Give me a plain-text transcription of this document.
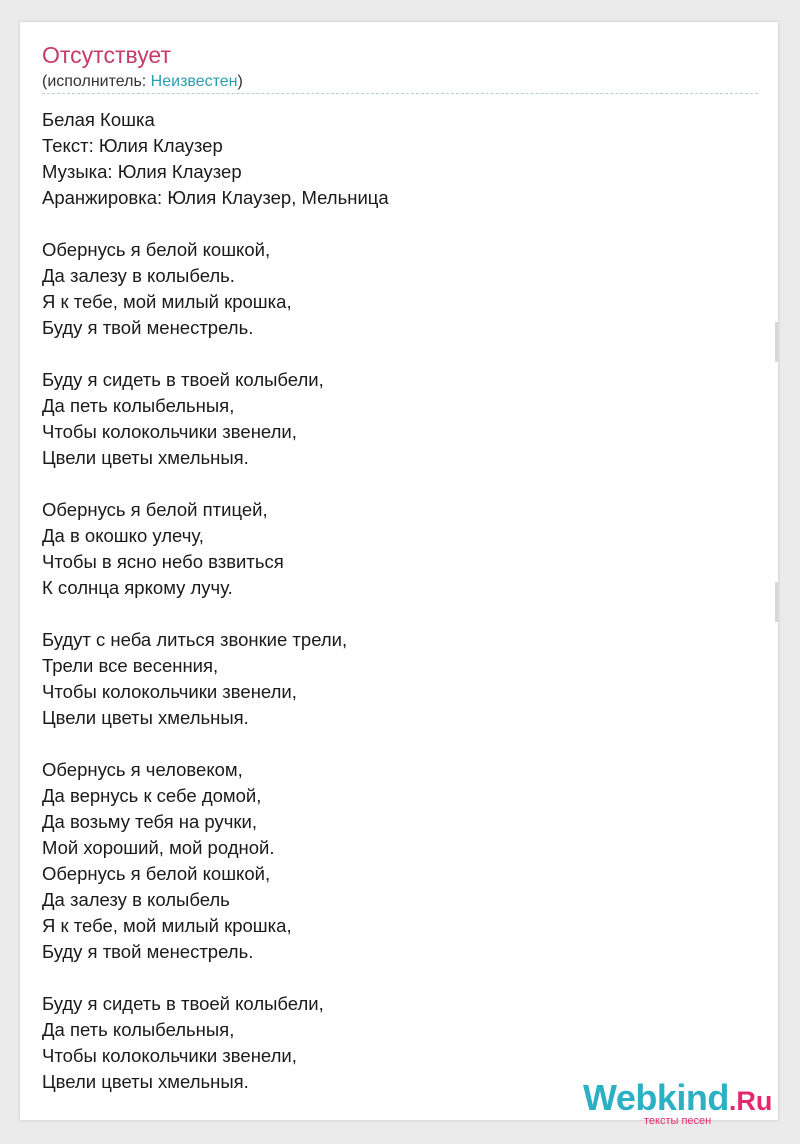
Отсутствует
(исполнитель: Неизвестен)
Белая Кошка
Текст: Юлия Клаузер
Музыка: Юлия Клаузер
Аранжировка: Юлия Клаузер, Мельница
Обернусь я белой кошкой,
Да залезу в колыбель.
Я к тебе, мой милый крошка,
Буду я твой менестрель.
Буду я сидеть в твоей колыбели,
Да петь колыбельныя,
Чтобы колокольчики звенели,
Цвели цветы хмельныя.
Обернусь я белой птицей,
Да в окошко улечу,
Чтобы в ясно небо взвиться
К солнца яркому лучу.
Будут с неба литься звонкие трели,
Трели все весенния,
Чтобы колокольчики звенели,
Цвели цветы хмельныя.
Обернусь я человеком,
Да вернусь к себе домой,
Да возьму тебя на ручки,
Мой хороший, мой родной.
Обернусь я белой кошкой,
Да залезу в колыбель
Я к тебе, мой милый крошка,
Буду я твой менестрель.
Буду я сидеть в твоей колыбели,
Да петь колыбельныя,
Чтобы колокольчики звенели,
Цвели цветы хмельныя.	Webkind.Ru
тексты песен
